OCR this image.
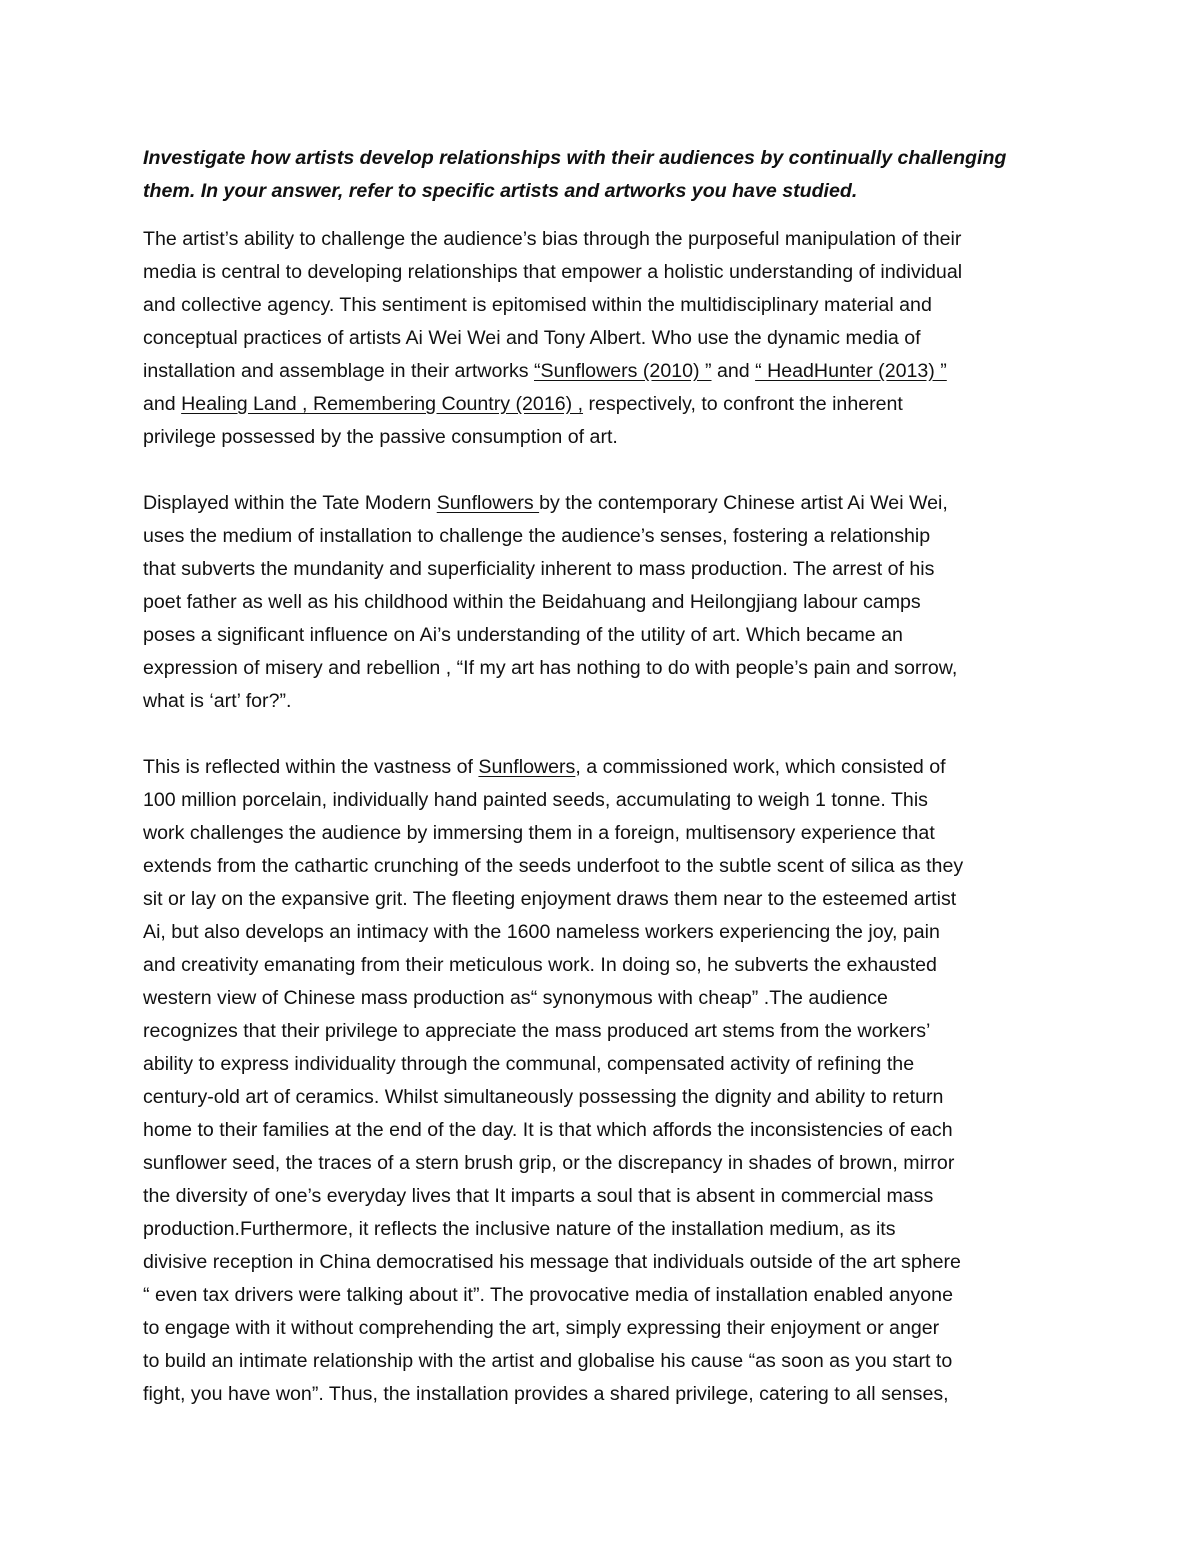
Investigate how artists develop relationships with their audiences by continually challenging
them. In your answer, refer to specific artists and artworks you have studied.
The artist’s ability to challenge the audience’s bias through the purposeful manipulation of their
media is central to developing relationships that empower a holistic understanding of individual
and collective agency. This sentiment is epitomised within the multidisciplinary material and
conceptual practices of artists Ai Wei Wei and Tony Albert. Who use the dynamic media of
installation and assemblage in their artworks “Sunflowers (2010) ” and “ HeadHunter (2013) ”
and Healing Land , Remembering Country (2016) , respectively, to confront the inherent
privilege possessed by the passive consumption of art.
Displayed within the Tate Modern Sunflowers by the contemporary Chinese artist Ai Wei Wei,
uses the medium of installation to challenge the audience’s senses, fostering a relationship
that subverts the mundanity and superficiality inherent to mass production. The arrest of his
poet father as well as his childhood within the Beidahuang and Heilongjiang labour camps
poses a significant influence on Ai’s understanding of the utility of art. Which became an
expression of misery and rebellion , “If my art has nothing to do with people’s pain and sorrow,
what is ‘art’ for?”.
This is reflected within the vastness of Sunflowers, a commissioned work, which consisted of
100 million porcelain, individually hand painted seeds, accumulating to weigh 1 tonne. This
work challenges the audience by immersing them in a foreign, multisensory experience that
extends from the cathartic crunching of the seeds underfoot to the subtle scent of silica as they
sit or lay on the expansive grit. The fleeting enjoyment draws them near to the esteemed artist
Ai, but also develops an intimacy with the 1600 nameless workers experiencing the joy, pain
and creativity emanating from their meticulous work. In doing so, he subverts the exhausted
western view of Chinese mass production as“ synonymous with cheap” .The audience
recognizes that their privilege to appreciate the mass produced art stems from the workers’
ability to express individuality through the communal, compensated activity of refining the
century-old art of ceramics. Whilst simultaneously possessing the dignity and ability to return
home to their families at the end of the day. It is that which affords the inconsistencies of each
sunflower seed, the traces of a stern brush grip, or the discrepancy in shades of brown, mirror
the diversity of one’s everyday lives that It imparts a soul that is absent in commercial mass
production.Furthermore, it reflects the inclusive nature of the installation medium, as its
divisive reception in China democratised his message that individuals outside of the art sphere
“ even tax drivers were talking about it”. The provocative media of installation enabled anyone
to engage with it without comprehending the art, simply expressing their enjoyment or anger
to build an intimate relationship with the artist and globalise his cause “as soon as you start to
fight, you have won”. Thus, the installation provides a shared privilege, catering to all senses,
